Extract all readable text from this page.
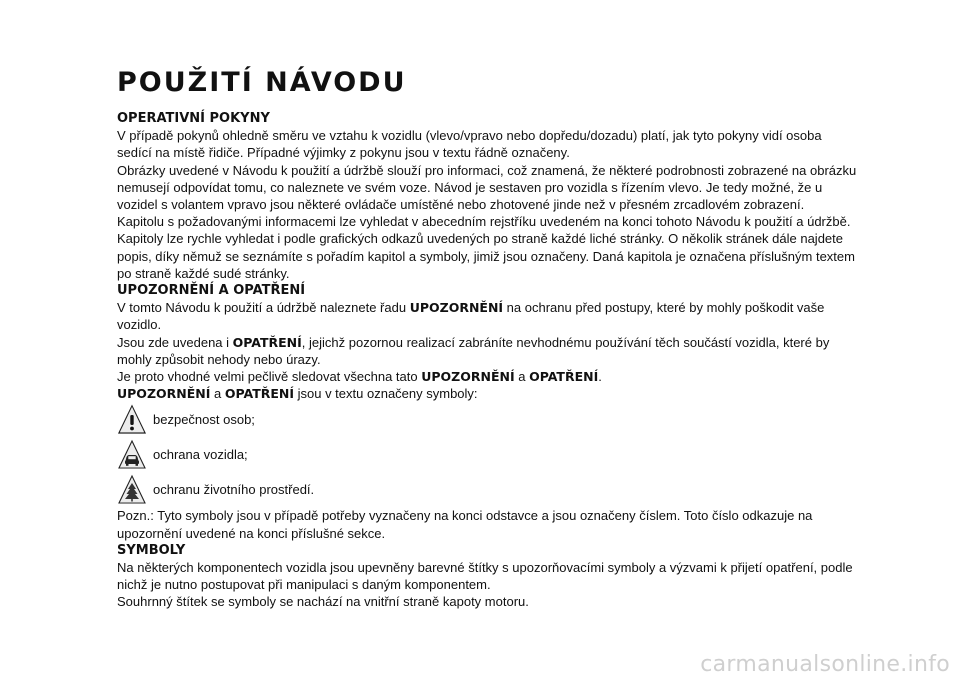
POUŽITÍ NÁVODU
OPERATIVNÍ POKYNY

V případě pokynů ohledně směru ve vztahu k vozidlu (vlevo/vpravo nebo dopředu/dozadu) platí, jak tyto pokyny vidí osoba sedící na místě řidiče. Případné výjimky z pokynu jsou v textu řádně označeny.

Obrázky uvedené v Návodu k použití a údržbě slouží pro informaci, což znamená, že některé podrobnosti zobrazené na obrázku nemusejí odpovídat tomu, co naleznete ve svém voze. Návod je sestaven pro vozidla s řízením vlevo. Je tedy možné, že u vozidel s volantem vpravo jsou některé ovládače umístěné nebo zhotovené jinde než v přesném zrcadlovém zobrazení.

Kapitolu s požadovanými informacemi lze vyhledat v abecedním rejstříku uvedeném na konci tohoto Návodu k použití a údržbě.

Kapitoly lze rychle vyhledat i podle grafických odkazů uvedených po straně každé liché stránky. O několik stránek dále najdete popis, díky němuž se seznámíte s pořadím kapitol a symboly, jimiž jsou označeny. Daná kapitola je označena příslušným textem po straně každé sudé stránky.

UPOZORNĚNÍ A OPATŘENÍ

V tomto Návodu k použití a údržbě naleznete řadu UPOZORNĚNÍ na ochranu před postupy, které by mohly poškodit vaše vozidlo.

Jsou zde uvedena i OPATŘENÍ, jejichž pozornou realizací zabráníte nevhodnému používání těch součástí vozidla, které by mohly způsobit nehody nebo úrazy.

Je proto vhodné velmi pečlivě sledovat všechna tato UPOZORNĚNÍ a OPATŘENÍ.

UPOZORNĚNÍ a OPATŘENÍ jsou v textu označeny symboly:

bezpečnost osob;
ochrana vozidla;
ochranu životního prostředí.

Pozn.: Tyto symboly jsou v případě potřeby vyznačeny na konci odstavce a jsou označeny číslem. Toto číslo odkazuje na upozornění uvedené na konci příslušné sekce.

SYMBOLY

Na některých komponentech vozidla jsou upevněny barevné štítky s upozorňovacími symboly a výzvami k přijetí opatření, podle nichž je nutno postupovat při manipulaci s daným komponentem.

Souhrnný štítek se symboly se nachází na vnitřní straně kapoty motoru.

carmanualsonline.info
